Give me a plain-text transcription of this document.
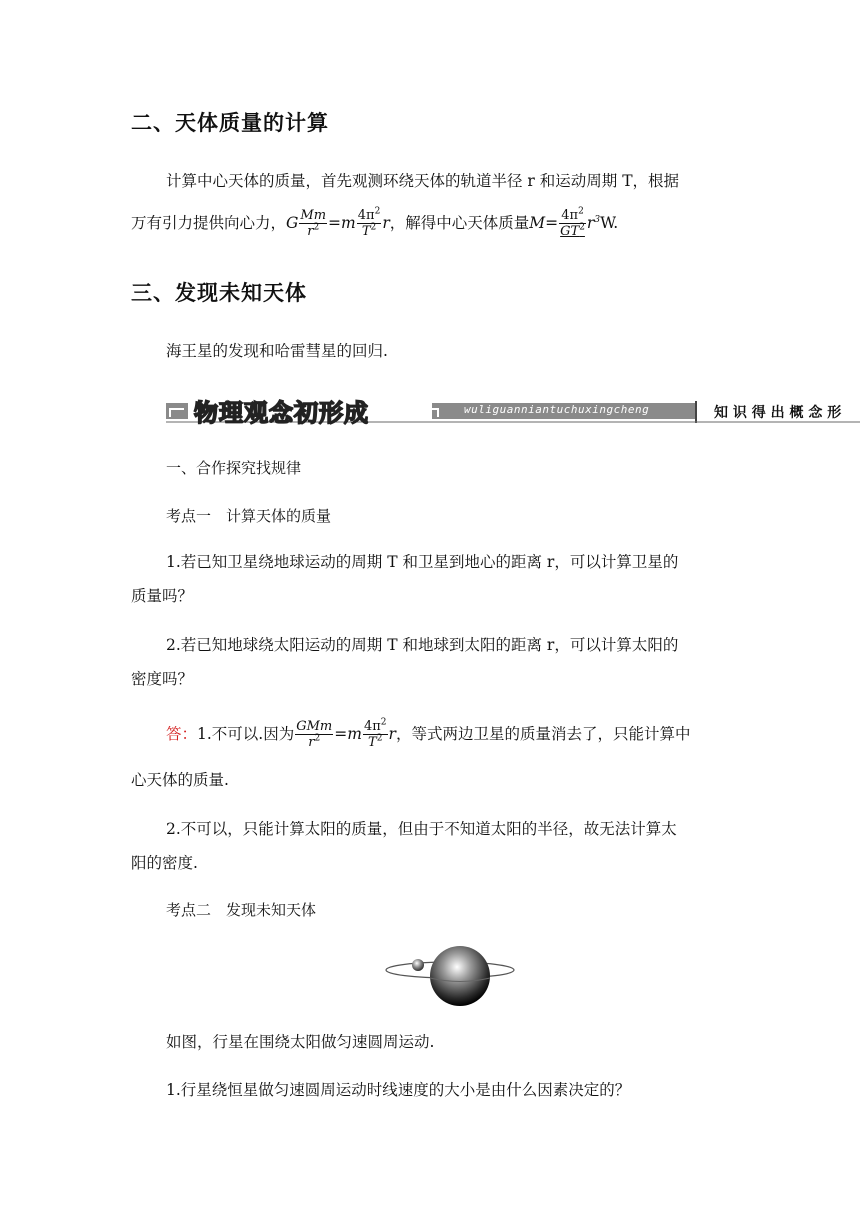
二、天体质量的计算
计算中心天体的质量，首先观测环绕天体的轨道半径 r 和运动周期 T，根据
万有引力提供向心力， G $\frac{Mm}{r^2} = m \frac{4\pi^2}{T^2}$ r ，解得中心天体质量 $M = \frac{4\pi^2}{GT^2} r^3$ W.
三、发现未知天体
海王星的发现和哈雷彗星的回归.
物理观念初形成	wuliguanniantuchuxingcheng	知 识 得 出 概 念 形
一、合作探究找规律
考点一　计算天体的质量
1.若已知卫星绕地球运动的周期 T 和卫星到地心的距离 r，可以计算卫星的
质量吗？
2.若已知地球绕太阳运动的周期 T 和地球到太阳的距离 r，可以计算太阳的
密度吗？
答： 1.不可以.因为 $\frac{\text{GMm}}{r^2} = m \frac{4\pi^2}{T^2}$ r ，等式两边卫星的质量消去了，只能计算中
心天体的质量.
2.不可以，只能计算太阳的质量，但由于不知道太阳的半径，故无法计算太
阳的密度.
考点二　发现未知天体
如图，行星在围绕太阳做匀速圆周运动.
1.行星绕恒星做匀速圆周运动时线速度的大小是由什么因素决定的？
